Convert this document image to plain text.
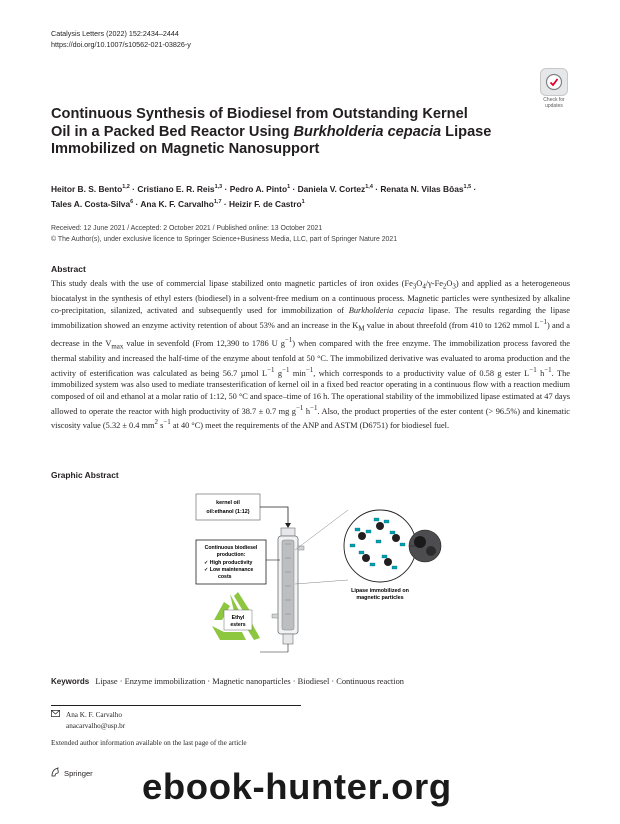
Catalysis Letters (2022) 152:2434–2444
https://doi.org/10.1007/s10562-021-03826-y
Check for updates
Continuous Synthesis of Biodiesel from Outstanding Kernel
Oil in a Packed Bed Reactor Using Burkholderia cepacia Lipase
Immobilized on Magnetic Nanosupport
Heitor B. S. Bento$^{1,2}$ · Cristiano E. R. Reis$^{1,3}$ · Pedro A. Pinto$^1$ · Daniela V. Cortez$^{1,4}$ · Renata N. Vilas Bôas$^{1,5}$ ·
Tales A. Costa-Silva$^6$ · Ana K. F. Carvalho$^{1,7}$ · Heizir F. de Castro$^1$
Received: 12 June 2021 / Accepted: 2 October 2021 / Published online: 13 October 2021
© The Author(s), under exclusive licence to Springer Science+Business Media, LLC, part of Springer Nature 2021
Abstract

This study deals with the use of commercial lipase stabilized onto magnetic particles of iron oxides $(Fe_3O_4/\gamma-Fe_2O_3)$ and applied as a heterogeneous biocatalyst in the synthesis of ethyl esters (biodiesel) in a solvent-free medium on a continuous process. Magnetic particles were synthesized by alkaline co-precipitation, silanized, activated and subsequently used for immobilization of Burkholderia cepacia lipase. The results regarding the lipase immobilization showed an enzyme activity retention of about 53% and an increase in the $K_M$ value in about threefold (from 410 to 1262 mmol $L^{-1}$) and a decrease in the $V_{max}$ value in sevenfold (From 12,390 to 1786 U $g^{-1}$) when compared with the free enzyme. The immobilization process favored the thermal stability and increased the half-time of the enzyme about tenfold at 50 °C. The immobilized derivative was evaluated to aroma production and the activity of esterification was calculated as being 56.7 µmol $L^{-1}$ $g^{-1}$ $\min^{-1}$, which corresponds to a productivity value of 0.58 g ester $L^{-1}$ $h^{-1}$. The immobilized system was also used to mediate transesterification of kernel oil in a fixed bed reactor operating in a continuous flow with a reaction medium composed of oil and ethanol at a molar ratio of 1:12, 50 °C and space–time of 16 h. The operational stability of the immobilized lipase estimated at 47 days allowed to operate the reactor with high productivity of 38.7 ± 0.7 mg $g^{-1}$ $h^{-1}$. Also, the product properties of the ester content (> 96.5%) and kinematic viscosity value (5.32 ± 0.4 $mm^2$ $s^{-1}$ at 40 °C) meet the requirements of the ANP and ASTM (D6751) for biodiesel fuel.

Graphic Abstract
kernel oil
oil:ethanol (1:12)
Continuous biodiesel
production:
✓ High productivity
✓ Low maintenance
costs
Ethyl
esters
Lipase immobilized on
magnetic particles
Keywords Lipase · Enzyme immobilization · Magnetic nanoparticles · Biodiesel · Continuous reaction
Ana K. F. Carvalho
anacarvalho@usp.br
Extended author information available on the last page of the article
Springer ebook-hunter.org
